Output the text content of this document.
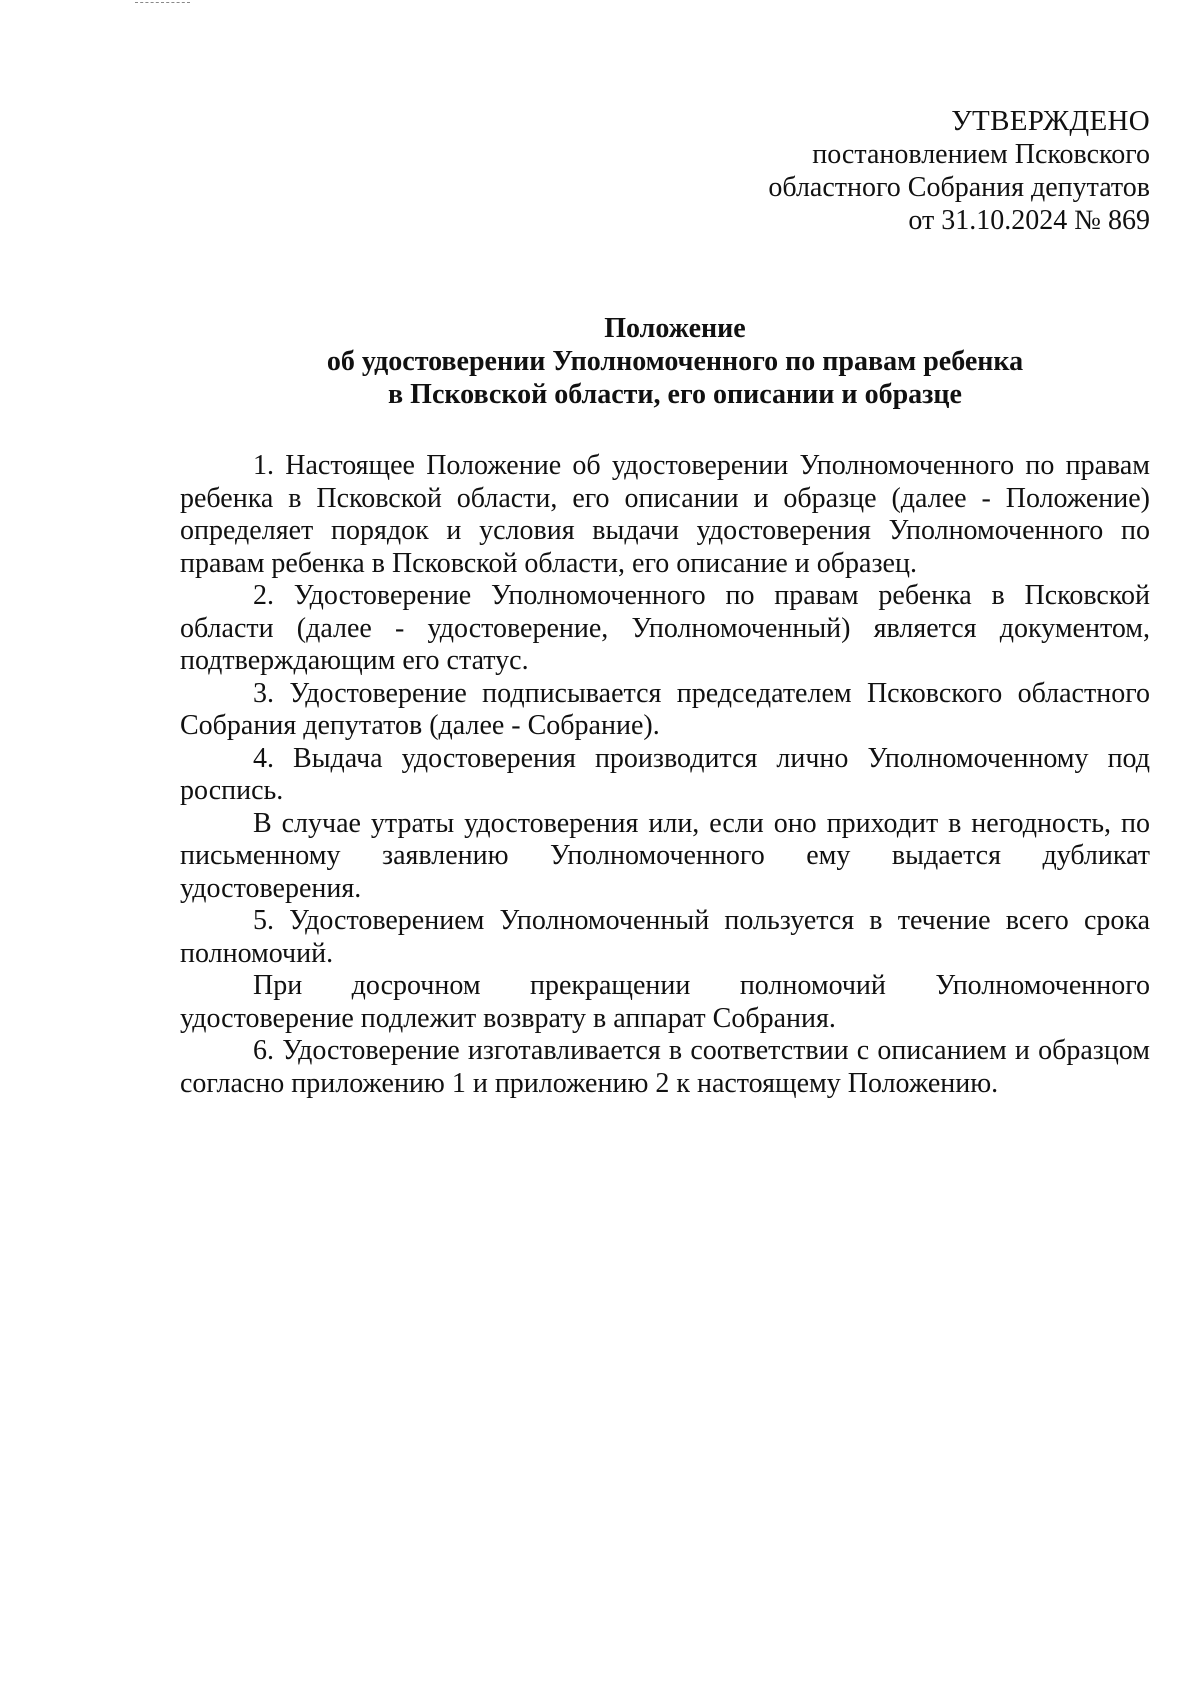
УТВЕРЖДЕНО
постановлением Псковского
областного Собрания депутатов
от 31.10.2024 № 869
Положение
об удостоверении Уполномоченного по правам ребенка
в Псковской области, его описании и образце

1. Настоящее Положение об удостоверении Уполномоченного по правам ребенка в Псковской области, его описании и образце (далее - Положение) определяет порядок и условия выдачи удостоверения Уполномоченного по правам ребенка в Псковской области, его описание и образец.

2. Удостоверение Уполномоченного по правам ребенка в Псковской области (далее - удостоверение, Уполномоченный) является документом, подтверждающим его статус.

3. Удостоверение подписывается председателем Псковского областного Собрания депутатов (далее - Собрание).

4. Выдача удостоверения производится лично Уполномоченному под роспись.

В случае утраты удостоверения или, если оно приходит в негодность, по письменному заявлению Уполномоченного ему выдается дубликат удостоверения.

5. Удостоверением Уполномоченный пользуется в течение всего срока полномочий.

При досрочном прекращении полномочий Уполномоченного удостоверение подлежит возврату в аппарат Собрания.

6. Удостоверение изготавливается в соответствии с описанием и образцом согласно приложению 1 и приложению 2 к настоящему Положению.
